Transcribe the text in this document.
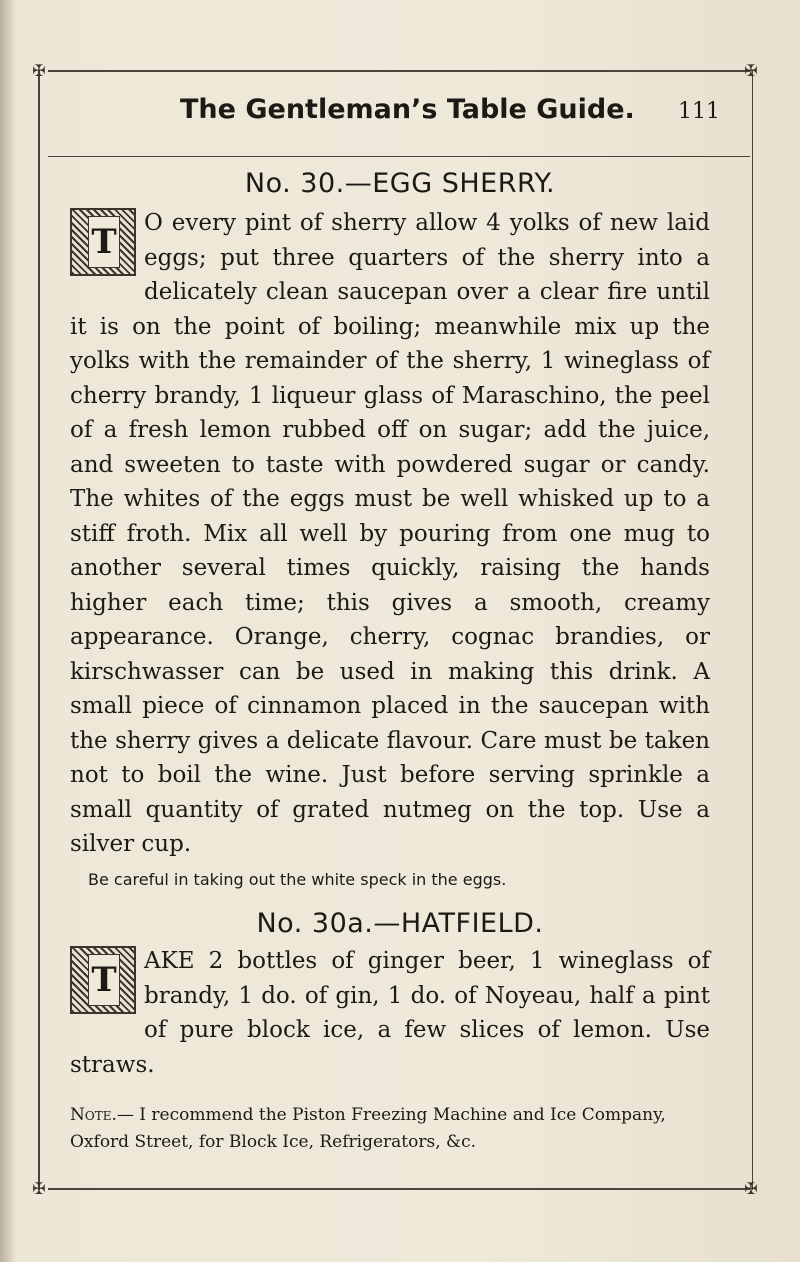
✠	✠
✠	✠
The Gentleman’s Table Guide. 111
No. 30.—EGG SHERRY.
T O every pint of sherry allow 4 yolks of new laid eggs; put three quarters of the sherry into a delicately clean saucepan over a clear fire until it is on the point of boiling; meanwhile mix up the yolks with the remainder of the sherry, 1 wineglass of cherry brandy, 1 liqueur glass of Maraschino, the peel of a fresh lemon rubbed off on sugar; add the juice, and sweeten to taste with powdered sugar or candy. The whites of the eggs must be well whisked up to a stiff froth. Mix all well by pouring from one mug to another several times quickly, raising the hands higher each time; this gives a smooth, creamy appearance. Orange, cherry, cognac brandies, or kirschwasser can be used in making this drink. A small piece of cinnamon placed in the saucepan with the sherry gives a delicate flavour. Care must be taken not to boil the wine. Just before serving sprinkle a small quantity of grated nutmeg on the top. Use a silver cup.
Be careful in taking out the white speck in the eggs.
No. 30a.—HATFIELD.
T AKE 2 bottles of ginger beer, 1 wineglass of brandy, 1 do. of gin, 1 do. of Noyeau, half a pint of pure block ice, a few slices of lemon. Use straws.
Note.— I recommend the Piston Freezing Machine and Ice Company, Oxford Street, for Block Ice, Refrigerators, &c.
